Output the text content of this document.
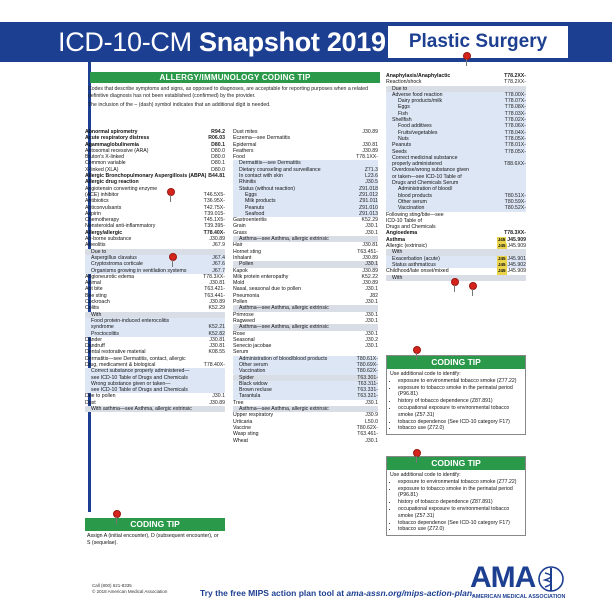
ICD-10-CM Snapshot 2019	Plastic Surgery
ALLERGY/IMMUNOLOGY CODING TIP

Codes that describe symptoms and signs, as opposed to diagnoses, are acceptable for reporting purposes when a related definitive diagnosis has not been established (confirmed) by the provider.

The inclusion of the – (dash) symbol indicates that an additional digit is needed.

Abnormal spirometry	R94.2
Acute respiratory distress	R06.03
Agammaglobulinemia	D80.1
Autosomal recessive (ARA)	D80.0
Bruton's X-linked	D80.0
Common variable	D80.1
X-linked (XLA)	D80.0
Allergic Bronchopulmonary Aspergillosis (ABPA) B44.81
Allergic drug reaction
Angiotensin converting enzyme
(ACE) inhibitor	T46.5X5-
Antibiotics	T36.95X-
Anticonvulsants	T42.75X-
Aspirin	T39.015-
Chemotherapy	T45.1X5-
Nonsteroidal anti-inflammatory	T39.395-
Allergy/allergic	T78.40X-
Air-borne substance	J30.89
Alveolitis	J67.9
Due to
Aspergillus clavatus	J67.4
Cryptostroma corticale	J67.6
Organisms growing in ventilation systems	J67.7
Angioneurotic edema	T78.3XX-
Animal	J30.81
Ant bite	T63.421-
Bee sting	T63.441-
Cockroach	J30.89
Colitis	K52.29
With
Food protein-induced enterocolitis
syndrome	K52.21
Proctocolitis	K52.82
Dander	J30.81
Dandruff	J30.81
Dental restorative material	K08.55
Dermatitis—see Dermatitis, contact, allergic
Drug, medicament & biological	T78.40X-
Correct substance properly administered—
see ICD-10 Table of Drugs and Chemicals
Wrong substance given or taken—
see ICD-10 Table of Drugs and Chemicals
Due to pollen	J30.1
Dust	J30.89
With asthma—see Asthma, allergic extrinsic
Dust mites	J30.89
Eczema—see Dermatitis
Epidermal	J30.81
Feathers	J30.89
Food	T78.1XX-
Dermatitis—see Dermatitis
Dietary counseling and surveillance	Z71.3
In contact with skin	L23.6
Rhinitis	J30.5
Status (without reaction)	Z91.018
Eggs	Z91.012
Milk products	Z91.011
Peanuts	Z91.010
Seafood	Z91.013
Gastroenteritis	K52.29
Grain	J30.1
Grass	J30.1
Asthma—see Asthma, allergic extrinsic
Hair	J30.81
Hornet sting	T63.451-
Inhalant	J30.89
Pollen	J30.1
Kapok	J30.89
Milk protein enteropathy	K52.22
Mold	J30.89
Nasal, seasonal due to pollen	J30.1
Pneumonia	J82
Pollen	J30.1
Asthma—see Asthma, allergic extrinsic
Primrose	J30.1
Ragweed	J30.1
Asthma—see Asthma, allergic extrinsic
Rose	J30.1
Seasonal	J30.2
Senecio jacobae	J30.1
Serum
Administration of blood/blood products	T80.61X-
Other serum	T80.69X-
Vaccination	T80.62X-
Spider	T63.301-
Black widow	T63.311-
Brown recluse	T63.331-
Tarantula	T63.321-
Tree	J30.1
Asthma—see Asthma, allergic extrinsic
Upper respiratory	J30.9
Urticaria	L50.0
Vaccine	T80.62X-
Wasp sting	T63.461-
Wheat	J30.1
Anaphylaxis/Anaphylactic	T78.2XX-
Reaction/shock	T78.2XX-
Due to
Adverse food reaction	T78.00X-
Dairy products/milk	T78.07X-
Eggs	T78.08X-
Fish	T78.03X-
Shellfish	T78.02X-
Food additives	T78.06X-
Fruits/vegetables	T78.04X-
Nuts	T78.05X-
Peanuts	T78.01X-
Seeds	T78.05X-
Correct medicinal substance
properly administered	T88.6XX-
Overdose/wrong substance given
or taken—see ICD-10 Table of
Drugs and Chemicals Serum
Administration of blood/
blood products	T80.51X-
Other serum	T80.59X-
Vaccination	T80.52X-
Following sting/bite—see
ICD-10 Table of
Drugs and Chemicals
Angioedema	T78.3XX-
Asthma	J45 J45.909
Allergic (extrinsic)	J45 J45.909
With
Exacerbation (acute)	J45 J45.901
Status asthmaticus	J45 J45.902
Childhood/late onset/mixed	J45 J45.909
With
CODING TIP
Assign A (initial encounter), D (subsequent encounter), or S (sequelae).
CODING TIP
Use additional code to identify:
• exposure to environmental tobacco smoke (Z77.22)
• exposure to tobacco smoke in the perinatal period (P96.81)
• history of tobacco dependence (Z87.891)
• occupational exposure to environmental tobacco smoke (Z57.31)
• tobacco dependence (See ICD-10 category F17)
• tobacco use (Z72.0)
CODING TIP
Use additional code to identify:
• exposure to environmental tobacco smoke (Z77.22)
• exposure to tobacco smoke in the perinatal period (P96.81)
• history of tobacco dependence (Z87.891)
• occupational exposure to environmental tobacco smoke (Z57.31)
• tobacco dependence (See ICD-10 category F17)
• tobacco use (Z72.0)
Call (800) 621-8335
© 2018 American Medical Association	Try the free MIPS action plan tool at ama-assn.org/mips-action-plan.
AMA
AMERICAN MEDICAL ASSOCIATION
